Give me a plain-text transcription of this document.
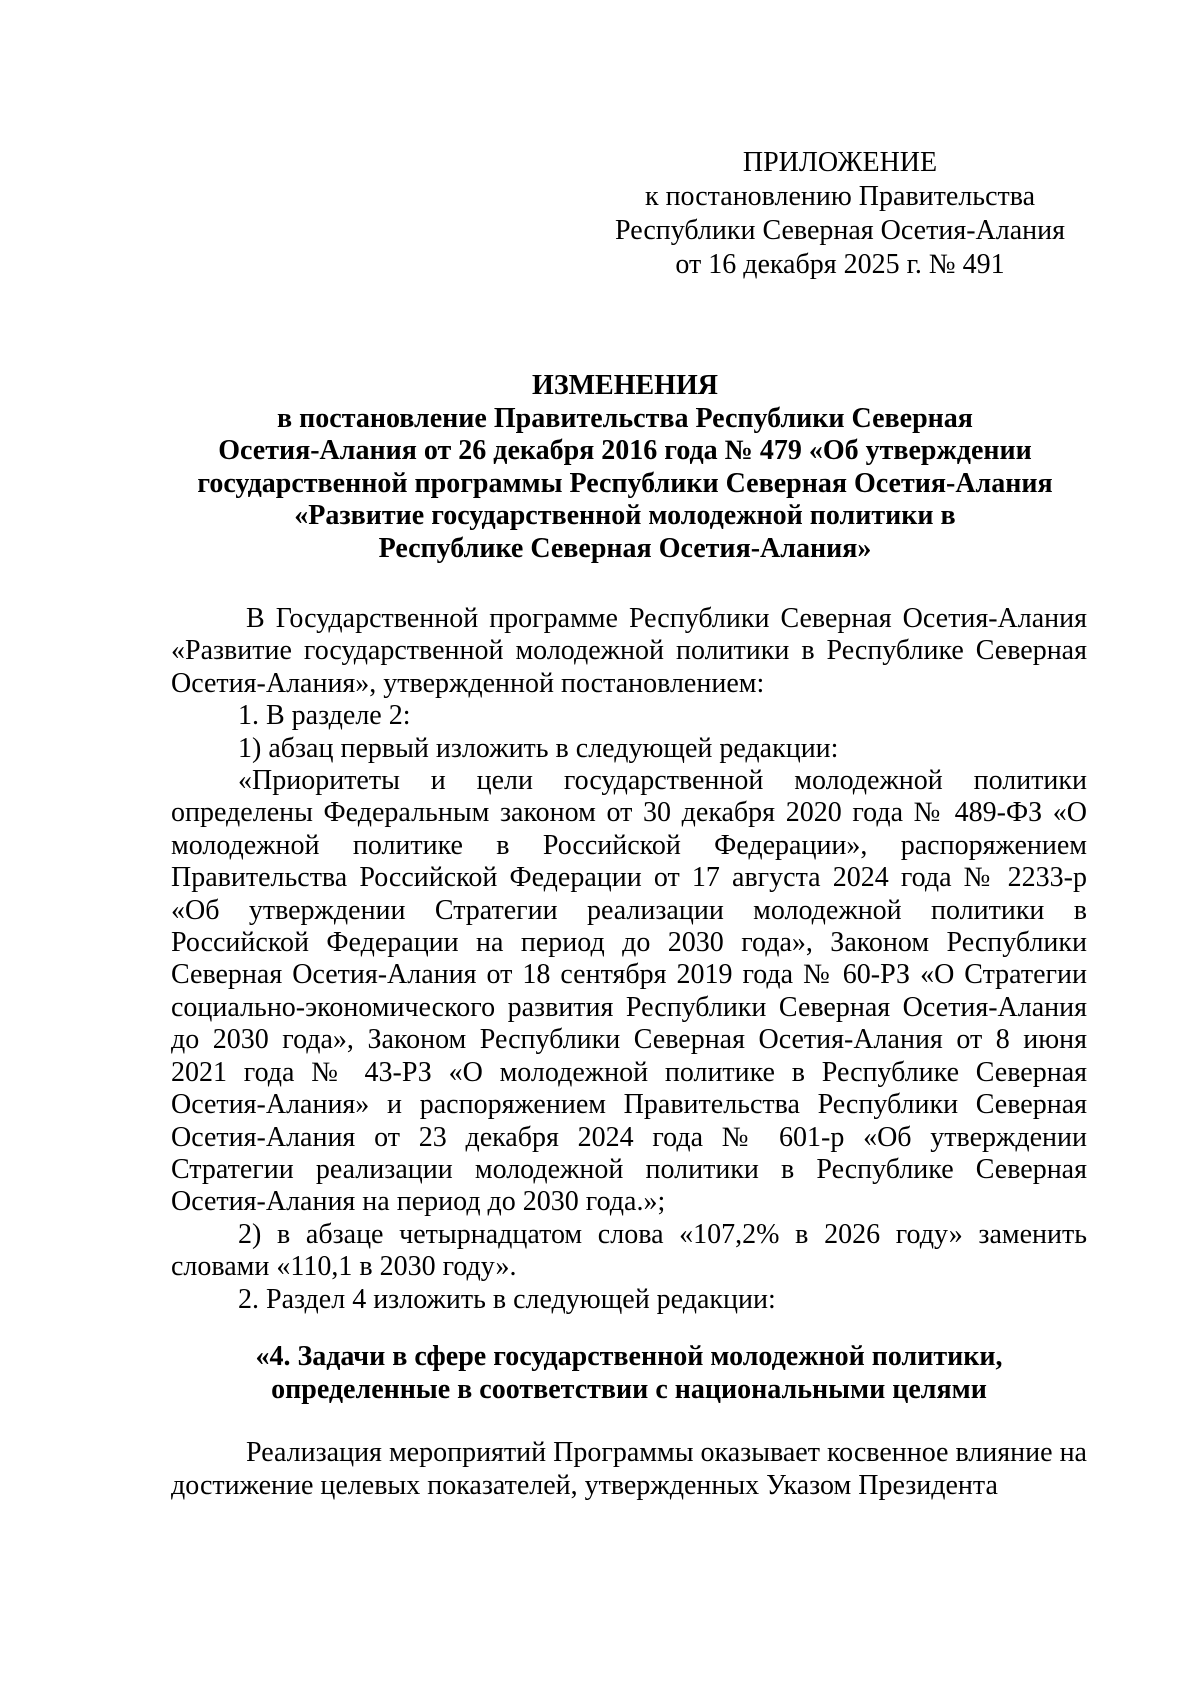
ПРИЛОЖЕНИЕ
к постановлению Правительства
Республики Северная Осетия-Алания
от 16 декабря 2025 г. № 491
ИЗМЕНЕНИЯ
в постановление Правительства Республики Северная
Осетия-Алания от 26 декабря 2016 года № 479 «Об утверждении
государственной программы Республики Северная Осетия-Алания
«Развитие государственной молодежной политики в
Республике Северная Осетия-Алания»

В Государственной программе Республики Северная Осетия-Алания «Развитие государственной молодежной политики в Республике Северная Осетия-Алания», утвержденной постановлением:

1. В разделе 2:

1) абзац первый изложить в следующей редакции:

«Приоритеты и цели государственной молодежной политики определены Федеральным законом от 30 декабря 2020 года № 489-ФЗ «О молодежной политике в Российской Федерации», распоряжением Правительства Российской Федерации от 17 августа 2024 года № 2233-р «Об утверждении Стратегии реализации молодежной политики в Российской Федерации на период до 2030 года», Законом Республики Северная Осетия-Алания от 18 сентября 2019 года № 60-РЗ «О Стратегии социально-экономического развития Республики Северная Осетия-Алания до 2030 года», Законом Республики Северная Осетия-Алания от 8 июня 2021 года № 43-РЗ «О молодежной политике в Республике Северная Осетия-Алания» и распоряжением Правительства Республики Северная Осетия-Алания от 23 декабря 2024 года № 601-р «Об утверждении Стратегии реализации молодежной политики в Республике Северная Осетия-Алания на период до 2030 года.»;

2) в абзаце четырнадцатом слова «107,2% в 2026 году» заменить словами «110,1 в 2030 году».

2. Раздел 4 изложить в следующей редакции:

«4. Задачи в сфере государственной молодежной политики,
определенные в соответствии с национальными целями

Реализация мероприятий Программы оказывает косвенное влияние на достижение целевых показателей, утвержденных Указом Президента
